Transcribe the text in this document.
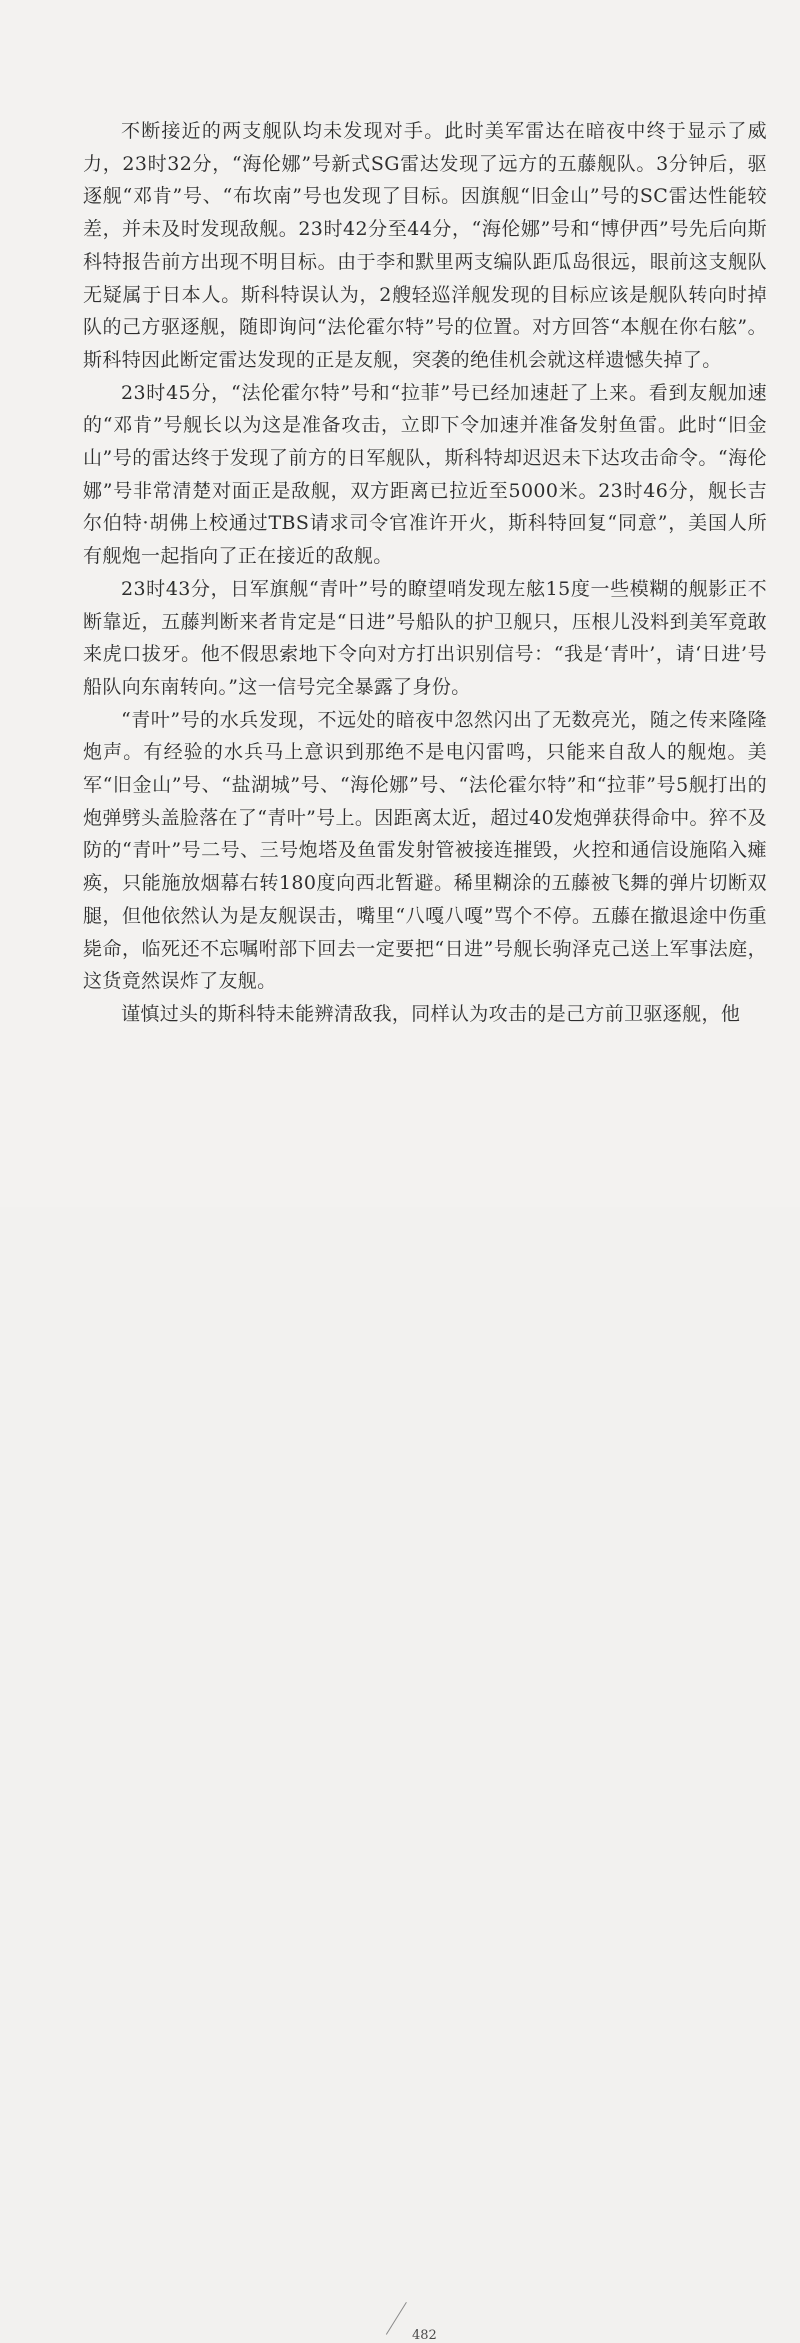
不断接近的两支舰队均未发现对手。此时美军雷达在暗夜中终于显示了威力，23时32分，“海伦娜”号新式SG雷达发现了远方的五藤舰队。3分钟后，驱逐舰“邓肯”号、“布坎南”号也发现了目标。因旗舰“旧金山”号的SC雷达性能较差，并未及时发现敌舰。23时42分至44分，“海伦娜”号和“博伊西”号先后向斯科特报告前方出现不明目标。由于李和默里两支编队距瓜岛很远，眼前这支舰队无疑属于日本人。斯科特误认为，2艘轻巡洋舰发现的目标应该是舰队转向时掉队的己方驱逐舰，随即询问“法伦霍尔特”号的位置。对方回答“本舰在你右舷”。斯科特因此断定雷达发现的正是友舰，突袭的绝佳机会就这样遗憾失掉了。

23时45分，“法伦霍尔特”号和“拉菲”号已经加速赶了上来。看到友舰加速的“邓肯”号舰长以为这是准备攻击，立即下令加速并准备发射鱼雷。此时“旧金山”号的雷达终于发现了前方的日军舰队，斯科特却迟迟未下达攻击命令。“海伦娜”号非常清楚对面正是敌舰，双方距离已拉近至5000米。23时46分，舰长吉尔伯特·胡佛上校通过TBS请求司令官准许开火，斯科特回复“同意”，美国人所有舰炮一起指向了正在接近的敌舰。

23时43分，日军旗舰“青叶”号的瞭望哨发现左舷15度一些模糊的舰影正不断靠近，五藤判断来者肯定是“日进”号船队的护卫舰只，压根儿没料到美军竟敢来虎口拔牙。他不假思索地下令向对方打出识别信号：“我是‘青叶’，请‘日进’号船队向东南转向。”这一信号完全暴露了身份。

“青叶”号的水兵发现，不远处的暗夜中忽然闪出了无数亮光，随之传来隆隆炮声。有经验的水兵马上意识到那绝不是电闪雷鸣，只能来自敌人的舰炮。美军“旧金山”号、“盐湖城”号、“海伦娜”号、“法伦霍尔特”和“拉菲”号5舰打出的炮弹劈头盖脸落在了“青叶”号上。因距离太近，超过40发炮弹获得命中。猝不及防的“青叶”号二号、三号炮塔及鱼雷发射管被接连摧毁，火控和通信设施陷入瘫痪，只能施放烟幕右转180度向西北暂避。稀里糊涂的五藤被飞舞的弹片切断双腿，但他依然认为是友舰误击，嘴里“八嘎八嘎”骂个不停。五藤在撤退途中伤重毙命，临死还不忘嘱咐部下回去一定要把“日进”号舰长驹泽克己送上军事法庭，这货竟然误炸了友舰。

谨慎过头的斯科特未能辨清敌我，同样认为攻击的是己方前卫驱逐舰，他

482
